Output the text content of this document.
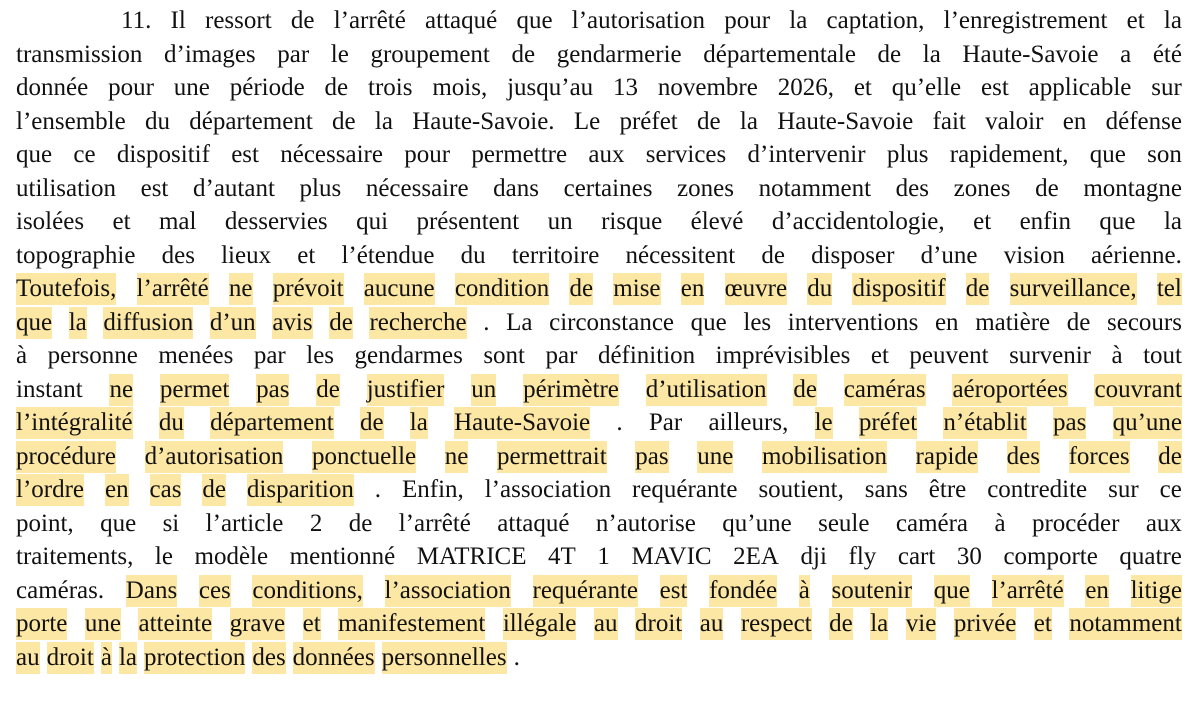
11. Il ressort de l’arrêté attaqué que l’autorisation pour la captation, l’enregistrement et la
transmission d’images par le groupement de gendarmerie départementale de la Haute-Savoie a été
donnée pour une période de trois mois, jusqu’au 13 novembre 2026, et qu’elle est applicable sur
l’ensemble du département de la Haute-Savoie. Le préfet de la Haute-Savoie fait valoir en défense
que ce dispositif est nécessaire pour permettre aux services d’intervenir plus rapidement, que son
utilisation est d’autant plus nécessaire dans certaines zones notamment des zones de montagne
isolées et mal desservies qui présentent un risque élevé d’accidentologie, et enfin que la
topographie des lieux et l’étendue du territoire nécessitent de disposer d’une vision aérienne.
Toutefois, l’arrêté ne prévoit aucune condition de mise en œuvre du dispositif de surveillance, tel
que la diffusion d’un avis de recherche . La circonstance que les interventions en matière de secours
à personne menées par les gendarmes sont par définition imprévisibles et peuvent survenir à tout
instant ne permet pas de justifier un périmètre d’utilisation de caméras aéroportées couvrant
l’intégralité du département de la Haute-Savoie . Par ailleurs, le préfet n’établit pas qu’une
procédure d’autorisation ponctuelle ne permettrait pas une mobilisation rapide des forces de
l’ordre en cas de disparition . Enfin, l’association requérante soutient, sans être contredite sur ce
point, que si l’article 2 de l’arrêté attaqué n’autorise qu’une seule caméra à procéder aux
traitements, le modèle mentionné MATRICE 4T 1 MAVIC 2EA dji fly cart 30 comporte quatre
caméras. Dans ces conditions, l’association requérante est fondée à soutenir que l’arrêté en litige
porte une atteinte grave et manifestement illégale au droit au respect de la vie privée et notamment
au droit à la protection des données personnelles .
